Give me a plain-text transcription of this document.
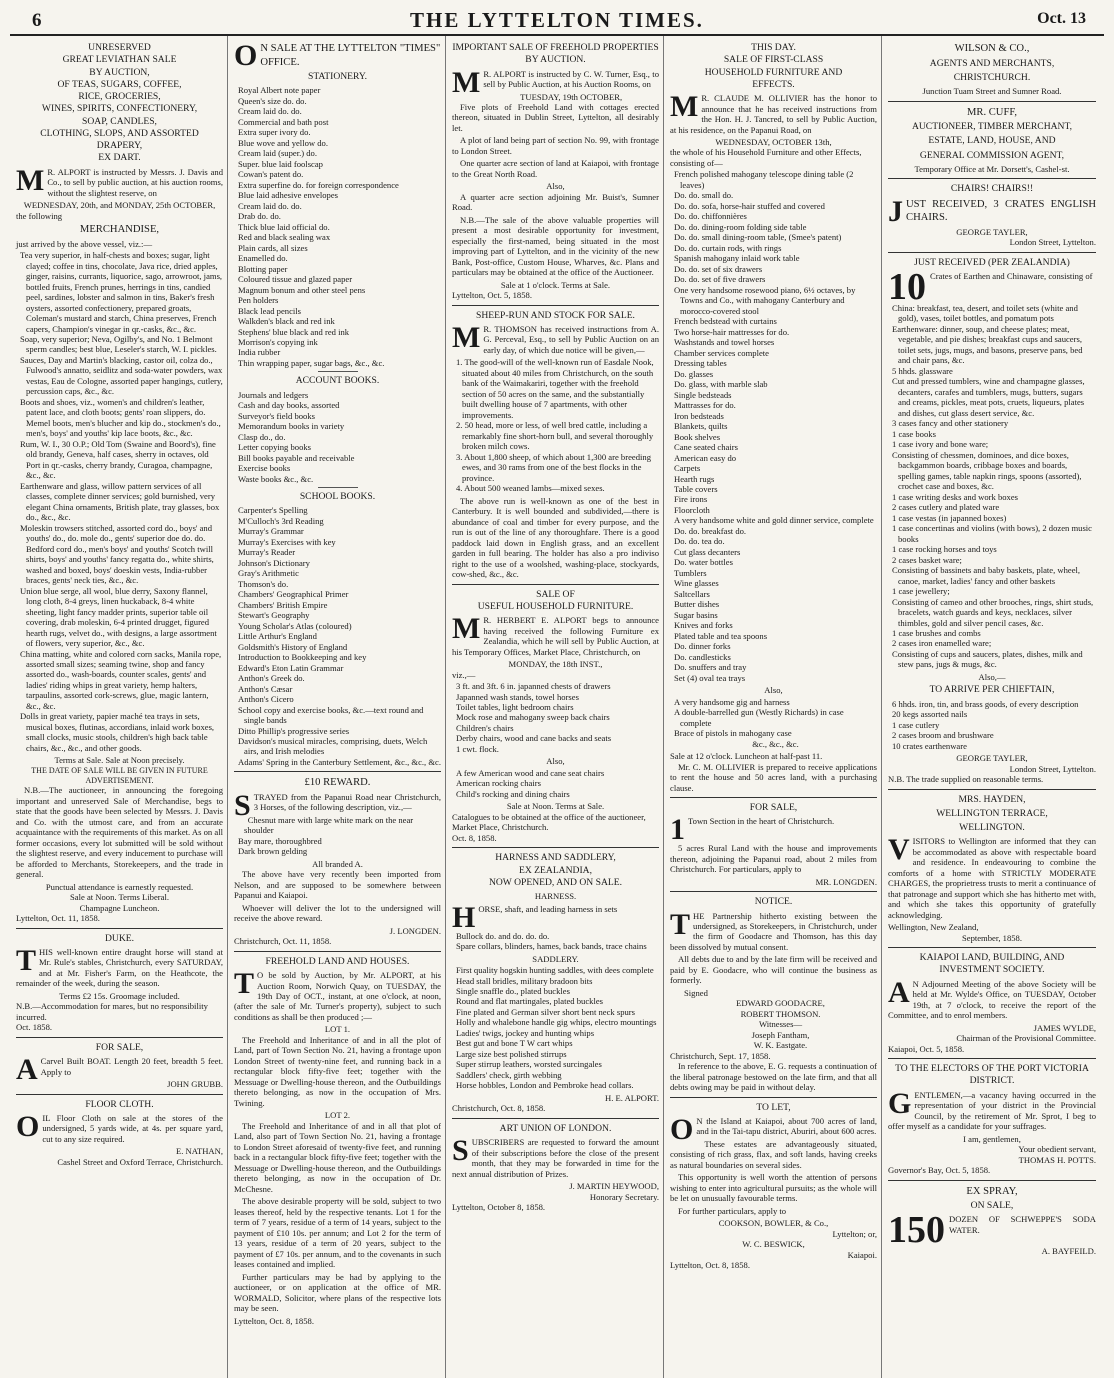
6	THE LYTTELTON TIMES.	Oct. 13
UNRESERVED
GREAT LEVIATHAN SALE
BY AUCTION,
OF TEAS, SUGARS, COFFEE,
RICE, GROCERIES,
WINES, SPIRITS, CONFECTIONERY,
SOAP, CANDLES,
CLOTHING, SLOPS, AND ASSORTED
DRAPERY,
EX DART.
M R. ALPORT is instructed by Messrs. J. Davis and Co., to sell by public auction, at his auction rooms, without the slightest reserve, on
WEDNESDAY, 20th, and MONDAY, 25th OCTOBER,
the following
MERCHANDISE,
just arrived by the above vessel, viz.:—
Tea very superior, in half-chests and boxes; sugar, light clayed; coffee in tins, chocolate, Java rice, dried apples, ginger, raisins, currants, liquorice, sago, arrowroot, jams, bottled fruits, French prunes, herrings in tins, candied peel, sardines, lobster and salmon in tins, Baker's fresh oysters, assorted confectionery, prepared groats, Coleman's mustard and starch, China preserves, French capers, Champion's vinegar in qr.-casks, &c., &c.
Soap, very superior; Neva, Ogilby's, and No. 1 Belmont sperm candles; best blue, Leseler's starch, W. I. pickles.
Sauces, Day and Martin's blacking, castor oil, colza do., Fulwood's annatto, seidlitz and soda-water powders, wax vestas, Eau de Cologne, assorted paper hangings, cutlery, percussion caps, &c., &c.
Boots and shoes, viz., women's and children's leather, patent lace, and cloth boots; gents' roan slippers, do. Memel boots, men's blucher and kip do., stockmen's do., men's, boys' and youths' kip lace boots, &c., &c.
Rum, W. I., 30 O.P.; Old Tom (Swaine and Boord's), fine old brandy, Geneva, half cases, sherry in octaves, old Port in qr.-casks, cherry brandy, Curagoa, champagne, &c., &c.
Earthenware and glass, willow pattern services of all classes, complete dinner services; gold burnished, very elegant China ornaments, British plate, tray glasses, box do., &c., &c.
Moleskin trowsers stitched, assorted cord do., boys' and youths' do., do. mole do., gents' superior doe do. do. Bedford cord do., men's boys' and youths' Scotch twill shirts, boys' and youths' fancy regatta do., white shirts, washed and boxed, boys' doeskin vests, India-rubber braces, gents' neck ties, &c., &c.
Union blue serge, all wool, blue derry, Saxony flannel, long cloth, 8-4 greys, linen huckaback, 8-4 white sheeting, light fancy madder prints, superior table oil covering, drab moleskin, 6-4 printed drugget, figured hearth rugs, velvet do., with designs, a large assortment of flowers, very superior, &c., &c.
China matting, white and colored corn sacks, Manila rope, assorted small sizes; seaming twine, shop and fancy assorted do., wash-boards, counter scales, gents' and ladies' riding whips in great variety, hemp halters, tarpaulins, assorted cork-screws, glue, magic lantern, &c., &c.
Dolls in great variety, papier maché tea trays in sets, musical boxes, flutinas, accordians, inlaid work boxes, small clocks, music stools, children's high back table chairs, &c., &c., and other goods.
Terms at Sale. Sale at Noon precisely.
THE DATE OF SALE WILL BE GIVEN IN FUTURE ADVERTISEMENT.

N.B.—The auctioneer, in announcing the foregoing important and unreserved Sale of Merchandise, begs to state that the goods have been selected by Messrs. J. Davis and Co. with the utmost care, and from an accurate acquaintance with the requirements of this market. As on all former occasions, every lot submitted will be sold without the slightest reserve, and every inducement to purchase will be afforded to Merchants, Storekeepers, and the trade in general.

Punctual attendance is earnestly requested.
Sale at Noon. Terms Liberal.
Champagne Luncheon.
Lyttelton, Oct. 11, 1858.
DUKE.
THIS well-known entire draught horse will stand at Mr. Rule's stables, Christchurch, every SATURDAY, and at Mr. Fisher's Farm, on the Heathcote, the remainder of the week, during the season.
Terms £2 15s. Groomage included.
N.B.—Accommodation for mares, but no responsibility incurred.
Oct. 1858.
FOR SALE,
A Carvel Built BOAT. Length 20 feet, breadth 5 feet. Apply to
JOHN GRUBB.
FLOOR CLOTH.
OIL Floor Cloth on sale at the stores of the undersigned, 5 yards wide, at 4s. per square yard, cut to any size required.
E. NATHAN,
Cashel Street and Oxford Terrace, Christchurch.
O N SALE AT THE LYTTELTON "TIMES" OFFICE.
STATIONERY.
Royal Albert note paper
Queen's size do. do.
Cream laid do. do.
Commercial and bath post
Extra super ivory do.
Blue wove and yellow do.
Cream laid (super.) do.
Super. blue laid foolscap
Cowan's patent do.
Extra superfine do. for foreign correspondence
Blue laid adhesive envelopes
Cream laid do. do.
Drab do. do.
Thick blue laid official do.
Red and black sealing wax
Plain cards, all sizes
Enamelled do.
Blotting paper
Coloured tissue and glazed paper
Magnum bonum and other steel pens
Pen holders
Black lead pencils
Walkden's black and red ink
Stephens' blue black and red ink
Morrison's copying ink
India rubber
Thin wrapping paper, sugar bags, &c., &c.
ACCOUNT BOOKS.
Journals and ledgers
Cash and day books, assorted
Surveyor's field books
Memorandum books in variety
Clasp do., do.
Letter copying books
Bill books payable and receivable
Exercise books
Waste books &c., &c.
SCHOOL BOOKS.
Carpenter's Spelling
M'Culloch's 3rd Reading
Murray's Grammar
Murray's Exercises with key
Murray's Reader
Johnson's Dictionary
Gray's Arithmetic
Thomson's do.
Chambers' Geographical Primer
Chambers' British Empire
Stewart's Geography
Young Scholar's Atlas (coloured)
Little Arthur's England
Goldsmith's History of England
Introduction to Bookkeeping and key
Edward's Eton Latin Grammar
Anthon's Greek do.
Anthon's Cæsar
Anthon's Cicero
School copy and exercise books, &c.—text round and single bands
Ditto Phillip's progressive series
Davidson's musical miracles, comprising, duets, Welch airs, and Irish melodies
Adams' Spring in the Canterbury Settlement, &c., &c., &c.
£10 REWARD.
STRAYED from the Papanui Road near Christchurch, 3 Horses, of the following description, viz.,—
Chesnut mare with large white mark on the near shoulder
Bay mare, thoroughbred
Dark brown gelding
All branded A.

The above have very recently been imported from Nelson, and are supposed to be somewhere between Papanui and Kaiapoi.

Whoever will deliver the lot to the undersigned will receive the above reward.

J. LONGDEN.
Christchurch, Oct. 11, 1858.
FREEHOLD LAND AND HOUSES.
T O be sold by Auction, by Mr. ALPORT, at his Auction Room, Norwich Quay, on TUESDAY, the 19th Day of OCT., instant, at one o'clock, at noon, (after the sale of Mr. Turner's property), subject to such conditions as shall be then produced ;—
LOT 1.

The Freehold and Inheritance of and in all the plot of Land, part of Town Section No. 21, having a frontage upon London Street of twenty-nine feet, and running back in a rectangular block fifty-five feet; together with the Messuage or Dwelling-house thereon, and the Outbuildings thereto belonging, as now in the occupation of Mrs. Twining.

LOT 2.

The Freehold and Inheritance of and in all that plot of Land, also part of Town Section No. 21, having a frontage to London Street aforesaid of twenty-five feet, and running back in a rectangular block fifty-five feet; together with the Messuage or Dwelling-house thereon, and the Outbuildings thereto belonging, as now in the occupation of Dr. McChesne.

The above desirable property will be sold, subject to two leases thereof, held by the respective tenants. Lot 1 for the term of 7 years, residue of a term of 14 years, subject to the payment of £10 10s. per annum; and Lot 2 for the term of 13 years, residue of a term of 20 years, subject to the payment of £7 10s. per annum, and to the covenants in such leases contained and implied.

Further particulars may be had by applying to the auctioneer, or on application at the office of MR. WORMALD, Solicitor, where plans of the respective lots may be seen.

Lyttelton, Oct. 8, 1858.
IMPORTANT SALE OF FREEHOLD PROPERTIES BY AUCTION.
M R. ALPORT is instructed by C. W. Turner, Esq., to sell by Public Auction, at his Auction Rooms, on
TUESDAY, 19th OCTOBER,

Five plots of Freehold Land with cottages erected thereon, situated in Dublin Street, Lyttelton, all desirably let.

A plot of land being part of section No. 99, with frontage to London Street.

One quarter acre section of land at Kaiapoi, with frontage to the Great North Road.

Also,

A quarter acre section adjoining Mr. Buist's, Sumner Road.

N.B.—The sale of the above valuable properties will present a most desirable opportunity for investment, especially the first-named, being situated in the most improving part of Lyttelton, and in the vicinity of the new Bank, Post-office, Custom House, Wharves, &c. Plans and particulars may be obtained at the office of the Auctioneer.

Sale at 1 o'clock. Terms at Sale.
Lyttelton, Oct. 5, 1858.
SHEEP-RUN AND STOCK FOR SALE.
M R. THOMSON has received instructions from A. G. Perceval, Esq., to sell by Public Auction on an early day, of which due notice will be given,—
1. The good-will of the well-known run of Easdale Nook, situated about 40 miles from Christchurch, on the south bank of the Waimakariri, together with the freehold section of 50 acres on the same, and the substantially built dwelling house of 7 apartments, with other improvements.
2. 50 head, more or less, of well bred cattle, including a remarkably fine short-horn bull, and several thoroughly broken milch cows.
3. About 1,800 sheep, of which about 1,300 are breeding ewes, and 30 rams from one of the best flocks in the province.
4. About 500 weaned lambs—mixed sexes.

The above run is well-known as one of the best in Canterbury. It is well bounded and subdivided,—there is abundance of coal and timber for every purpose, and the run is out of the line of any thoroughfare. There is a good paddock laid down in English grass, and an excellent garden in full bearing. The holder has also a pro indiviso right to the use of a woolshed, washing-place, stockyards, cow-shed, &c., &c.

SALE OF
USEFUL HOUSEHOLD FURNITURE.
M R. HERBERT E. ALPORT begs to announce having received the following Furniture ex Zealandia, which he will sell by Public Auction, at his Temporary Offices, Market Place, Christchurch, on
MONDAY, the 18th INST.,
viz.,—
3 ft. and 3ft. 6 in. japanned chests of drawers
Japanned wash stands, towel horses
Toilet tables, light bedroom chairs
Mock rose and mahogany sweep back chairs
Children's chairs
Derby chairs, wood and cane backs and seats
1 cwt. flock.
Also,
A few American wood and cane seat chairs
American rocking chairs
Child's rocking and dining chairs
Sale at Noon. Terms at Sale.
Catalogues to be obtained at the office of the auctioneer, Market Place, Christchurch.
Oct. 8, 1858.
HARNESS AND SADDLERY,
EX ZEALANDIA,
NOW OPENED, AND ON SALE.
HARNESS.
HORSE, shaft, and leading harness in sets
Bullock do. and do. do. do.
Spare collars, blinders, hames, back bands, trace chains
SADDLERY.
First quality hogskin hunting saddles, with dees complete
Head stall bridles, military bradoon bits
Single snaffle do., plated buckles
Round and flat martingales, plated buckles
Fine plated and German silver short bent neck spurs
Holly and whalebone handle gig whips, electro mountings
Ladies' twigs, jockey and hunting whips
Best gut and bone T W cart whips
Large size best polished stirrups
Super stirrup leathers, worsted surcingales
Saddlers' check, girth webbing
Horse hobbles, London and Pembroke head collars.
H. E. ALPORT.
Christchurch, Oct. 8, 1858.
ART UNION OF LONDON.
SUBSCRIBERS are requested to forward the amount of their subscriptions before the close of the present month, that they may be forwarded in time for the next annual distribution of Prizes.
J. MARTIN HEYWOOD,
Honorary Secretary.
Lyttelton, October 8, 1858.
THIS DAY.
SALE OF FIRST-CLASS
HOUSEHOLD FURNITURE AND
EFFECTS.
M R. CLAUDE M. OLLIVIER has the honor to announce that he has received instructions from the Hon. H. J. Tancred, to sell by Public Auction, at his residence, on the Papanui Road, on
WEDNESDAY, OCTOBER 13th,
the whole of his Household Furniture and other Effects, consisting of—
French polished mahogany telescope dining table (2 leaves)
Do. do. small do.
Do. do. sofa, horse-hair stuffed and covered
Do. do. chiffonnières
Do. do. dining-room folding side table
Do. do. small dining-room table, (Smee's patent)
Do. do. curtain rods, with rings
Spanish mahogany inlaid work table
Do. do. set of six drawers
Do. do. set of five drawers
One very handsome rosewood piano, 6½ octaves, by Towns and Co., with mahogany Canterbury and morocco-covered stool
French bedstead with curtains
Two horse-hair mattresses for do.
Washstands and towel horses
Chamber services complete
Dressing tables
Do. glasses
Do. glass, with marble slab
Single bedsteads
Mattrasses for do.
Iron bedsteads
Blankets, quilts
Book shelves
Cane seated chairs
American easy do
Carpets
Hearth rugs
Table covers
Fire irons
Floorcloth
A very handsome white and gold dinner service, complete
Do. do. breakfast do.
Do. do. tea do.
Cut glass decanters
Do. water bottles
Tumblers
Wine glasses
Saltcellars
Butter dishes
Sugar basins
Knives and forks
Plated table and tea spoons
Do. dinner forks
Do. candlesticks
Do. snuffers and tray
Set (4) oval tea trays
Also,
A very handsome gig and harness
A double-barrelled gun (Westly Richards) in case complete
Brace of pistols in mahogany case
&c., &c., &c.
Sale at 12 o'clock. Luncheon at half-past 11.

Mr. C. M. OLLIVIER is prepared to receive applications to rent the house and 50 acres land, with a purchasing clause.

FOR SALE,
1 Town Section in the heart of Christchurch.

5 acres Rural Land with the house and improvements thereon, adjoining the Papanui road, about 2 miles from Christchurch. For particulars, apply to

MR. LONGDEN.
NOTICE.
THE Partnership hitherto existing between the undersigned, as Storekeepers, in Christchurch, under the firm of Goodacre and Thomson, has this day been dissolved by mutual consent.

All debts due to and by the late firm will be received and paid by E. Goodacre, who will continue the business as formerly.

Signed
EDWARD GOODACRE,
ROBERT THOMSON.
Witnesses—
Joseph Fantham,
W. K. Eastgate.
Christchurch, Sept. 17, 1858.

In reference to the above, E. G. requests a continuation of the liberal patronage bestowed on the late firm, and that all debts owing may be paid in without delay.

TO LET,
O N the Island at Kaiapoi, about 700 acres of land, and in the Tai-tapu district, Aburiri, about 600 acres.

These estates are advantageously situated, consisting of rich grass, flax, and soft lands, having creeks as natural boundaries on several sides.

This opportunity is well worth the attention of persons wishing to enter into agricultural pursuits; as the whole will be let on unusually favourable terms.

For further particulars, apply to

COOKSON, BOWLER, & Co.,
Lyttelton; or,
W. C. BESWICK,
Kaiapoi.
Lyttelton, Oct. 8, 1858.
WILSON & CO.,
AGENTS AND MERCHANTS,
CHRISTCHURCH.
Junction Tuam Street and Sumner Road.
MR. CUFF,
AUCTIONEER, TIMBER MERCHANT,
ESTATE, LAND, HOUSE, AND
GENERAL COMMISSION AGENT,
Temporary Office at Mr. Dorsett's, Cashel-st.
CHAIRS! CHAIRS!!
JUST RECEIVED, 3 CRATES ENGLISH CHAIRS.
GEORGE TAYLER,
London Street, Lyttelton.
JUST RECEIVED (PER ZEALANDIA)
10 Crates of Earthen and Chinaware, consisting of
China: breakfast, tea, desert, and toilet sets (white and gold), vases, toilet bottles, and pomatum pots
Earthenware: dinner, soup, and cheese plates; meat, vegetable, and pie dishes; breakfast cups and saucers, toilet sets, jugs, mugs, and basons, preserve pans, bed and chair pans, &c.
5 hhds. glassware
Cut and pressed tumblers, wine and champagne glasses, decanters, carafes and tumblers, mugs, butters, sugars and creams, pickles, meat pots, cruets, liqueurs, plates and dishes, cut glass desert service, &c.
3 cases fancy and other stationery
1 case books
1 case ivory and bone ware;
Consisting of chessmen, dominoes, and dice boxes, backgammon boards, cribbage boxes and boards, spelling games, table napkin rings, spoons (assorted), crochet case and boxes, &c.
1 case writing desks and work boxes
2 cases cutlery and plated ware
1 case vestas (in japanned boxes)
1 case concertinas and violins (with bows), 2 dozen music books
1 case rocking horses and toys
2 cases basket ware;
Consisting of bassinets and baby baskets, plate, wheel, canoe, market, ladies' fancy and other baskets
1 case jewellery;
Consisting of cameo and other brooches, rings, shirt studs, bracelets, watch guards and keys, necklaces, silver thimbles, gold and silver pencil cases, &c.
1 case brushes and combs
2 cases iron enamelled ware;
Consisting of cups and saucers, plates, dishes, milk and stew pans, jugs & mugs, &c.
Also,—
TO ARRIVE PER CHIEFTAIN,
6 hhds. iron, tin, and brass goods, of every description
20 kegs assorted nails
1 case cutlery
2 cases broom and brushware
10 crates earthenware
GEORGE TAYLER,
London Street, Lyttelton.
N.B. The trade supplied on reasonable terms.
MRS. HAYDEN,
WELLINGTON TERRACE,
WELLINGTON.
VISITORS to Wellington are informed that they can be accommodated as above with respectable board and residence. In endeavouring to combine the comforts of a home with STRICTLY MODERATE CHARGES, the proprietress trusts to merit a continuance of that patronage and support which she has hitherto met with, and which she takes this opportunity of gratefully acknowledging.
Wellington, New Zealand,
September, 1858.
KAIAPOI LAND, BUILDING, AND INVESTMENT SOCIETY.
A N Adjourned Meeting of the above Society will be held at Mr. Wylde's Office, on TUESDAY, October 19th, at 7 o'clock, to receive the report of the Committee, and to enrol members.
JAMES WYLDE,
Chairman of the Provisional Committee.
Kaiapoi, Oct. 5, 1858.
TO THE ELECTORS OF THE PORT VICTORIA DISTRICT.
GENTLEMEN,—a vacancy having occurred in the representation of your district in the Provincial Council, by the retirement of Mr. Sprot, I beg to offer myself as a candidate for your suffrages.
I am, gentlemen,
Your obedient servant,
THOMAS H. POTTS.
Governor's Bay, Oct. 5, 1858.
EX SPRAY,
ON SALE,
150 DOZEN OF SCHWEPPE'S SODA WATER.
A. BAYFEILD.
